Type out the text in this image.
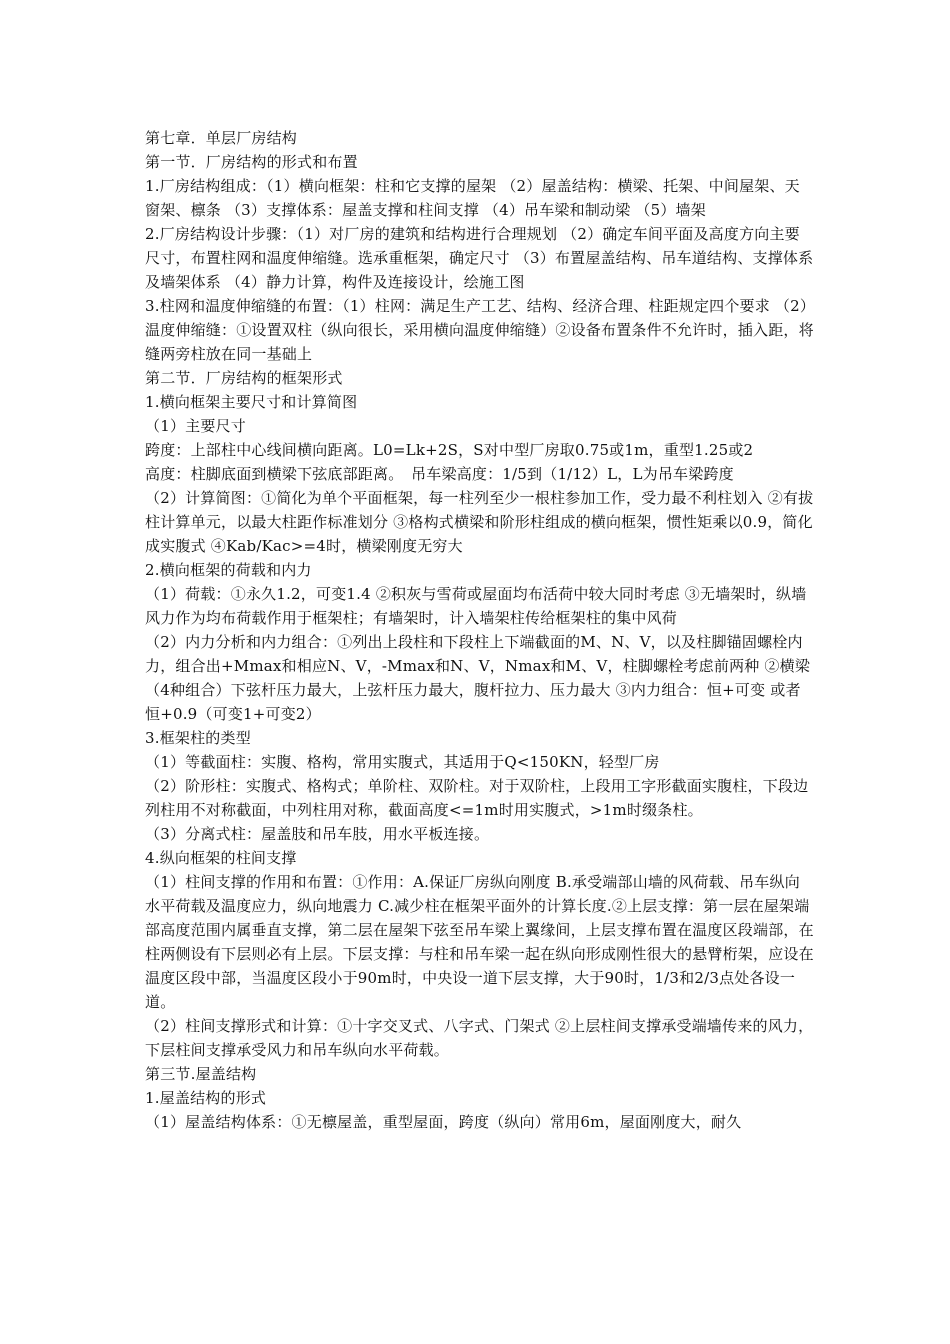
第七章．单层厂房结构

第一节．厂房结构的形式和布置

1.厂房结构组成：（1）横向框架：柱和它支撑的屋架 （2）屋盖结构：横梁、托架、中间屋架、天窗架、檩条 （3）支撑体系：屋盖支撑和柱间支撑 （4）吊车梁和制动梁 （5）墙架

2.厂房结构设计步骤：（1）对厂房的建筑和结构进行合理规划 （2）确定车间平面及高度方向主要尺寸，布置柱网和温度伸缩缝。选承重框架，确定尺寸 （3）布置屋盖结构、吊车道结构、支撑体系及墙架体系 （4）静力计算，构件及连接设计，绘施工图

3.柱网和温度伸缩缝的布置：（1）柱网：满足生产工艺、结构、经济合理、柱距规定四个要求 （2）温度伸缩缝：①设置双柱（纵向很长，采用横向温度伸缩缝）②设备布置条件不允许时，插入距，将缝两旁柱放在同一基础上

第二节．厂房结构的框架形式

1.横向框架主要尺寸和计算简图

（1）主要尺寸

跨度：上部柱中心线间横向距离。L0=Lk+2S，S对中型厂房取0.75或1m，重型1.25或2

高度：柱脚底面到横梁下弦底部距离。　吊车梁高度：1/5到（1/12）L，L为吊车梁跨度

（2）计算简图：①简化为单个平面框架，每一柱列至少一根柱参加工作，受力最不利柱划入 ②有拔柱计算单元，以最大柱距作标准划分 ③格构式横梁和阶形柱组成的横向框架，惯性矩乘以0.9，简化成实腹式 ④Kab/Kac>=4时，横梁刚度无穷大

2.横向框架的荷载和内力

（1）荷载：①永久1.2，可变1.4 ②积灰与雪荷或屋面均布活荷中较大同时考虑 ③无墙架时，纵墙风力作为均布荷载作用于框架柱；有墙架时，计入墙架柱传给框架柱的集中风荷

（2）内力分析和内力组合：①列出上段柱和下段柱上下端截面的M、N、V，以及柱脚锚固螺栓内力，组合出+Mmax和相应N、V，-Mmax和N、V，Nmax和M、V，柱脚螺栓考虑前两种 ②横梁（4种组合）下弦杆压力最大，上弦杆压力最大，腹杆拉力、压力最大 ③内力组合：恒+可变 或者 恒+0.9（可变1+可变2）

3.框架柱的类型

（1）等截面柱：实腹、格构，常用实腹式，其适用于Q<150KN，轻型厂房

（2）阶形柱：实腹式、格构式；单阶柱、双阶柱。对于双阶柱，上段用工字形截面实腹柱，下段边列柱用不对称截面，中列柱用对称，截面高度<=1m时用实腹式，>1m时缀条柱。

（3）分离式柱：屋盖肢和吊车肢，用水平板连接。

4.纵向框架的柱间支撑

（1）柱间支撑的作用和布置：①作用：A.保证厂房纵向刚度 B.承受端部山墙的风荷载、吊车纵向水平荷载及温度应力，纵向地震力 C.减少柱在框架平面外的计算长度.②上层支撑：第一层在屋架端部高度范围内属垂直支撑，第二层在屋架下弦至吊车梁上翼缘间，上层支撑布置在温度区段端部，在柱两侧设有下层则必有上层。下层支撑：与柱和吊车梁一起在纵向形成刚性很大的悬臂桁架，应设在温度区段中部，当温度区段小于90m时，中央设一道下层支撑，大于90时，1/3和2/3点处各设一道。

（2）柱间支撑形式和计算：①十字交叉式、八字式、门架式 ②上层柱间支撑承受端墙传来的风力，下层柱间支撑承受风力和吊车纵向水平荷载。

第三节.屋盖结构

1.屋盖结构的形式

（1）屋盖结构体系：①无檩屋盖，重型屋面，跨度（纵向）常用6m，屋面刚度大，耐久
